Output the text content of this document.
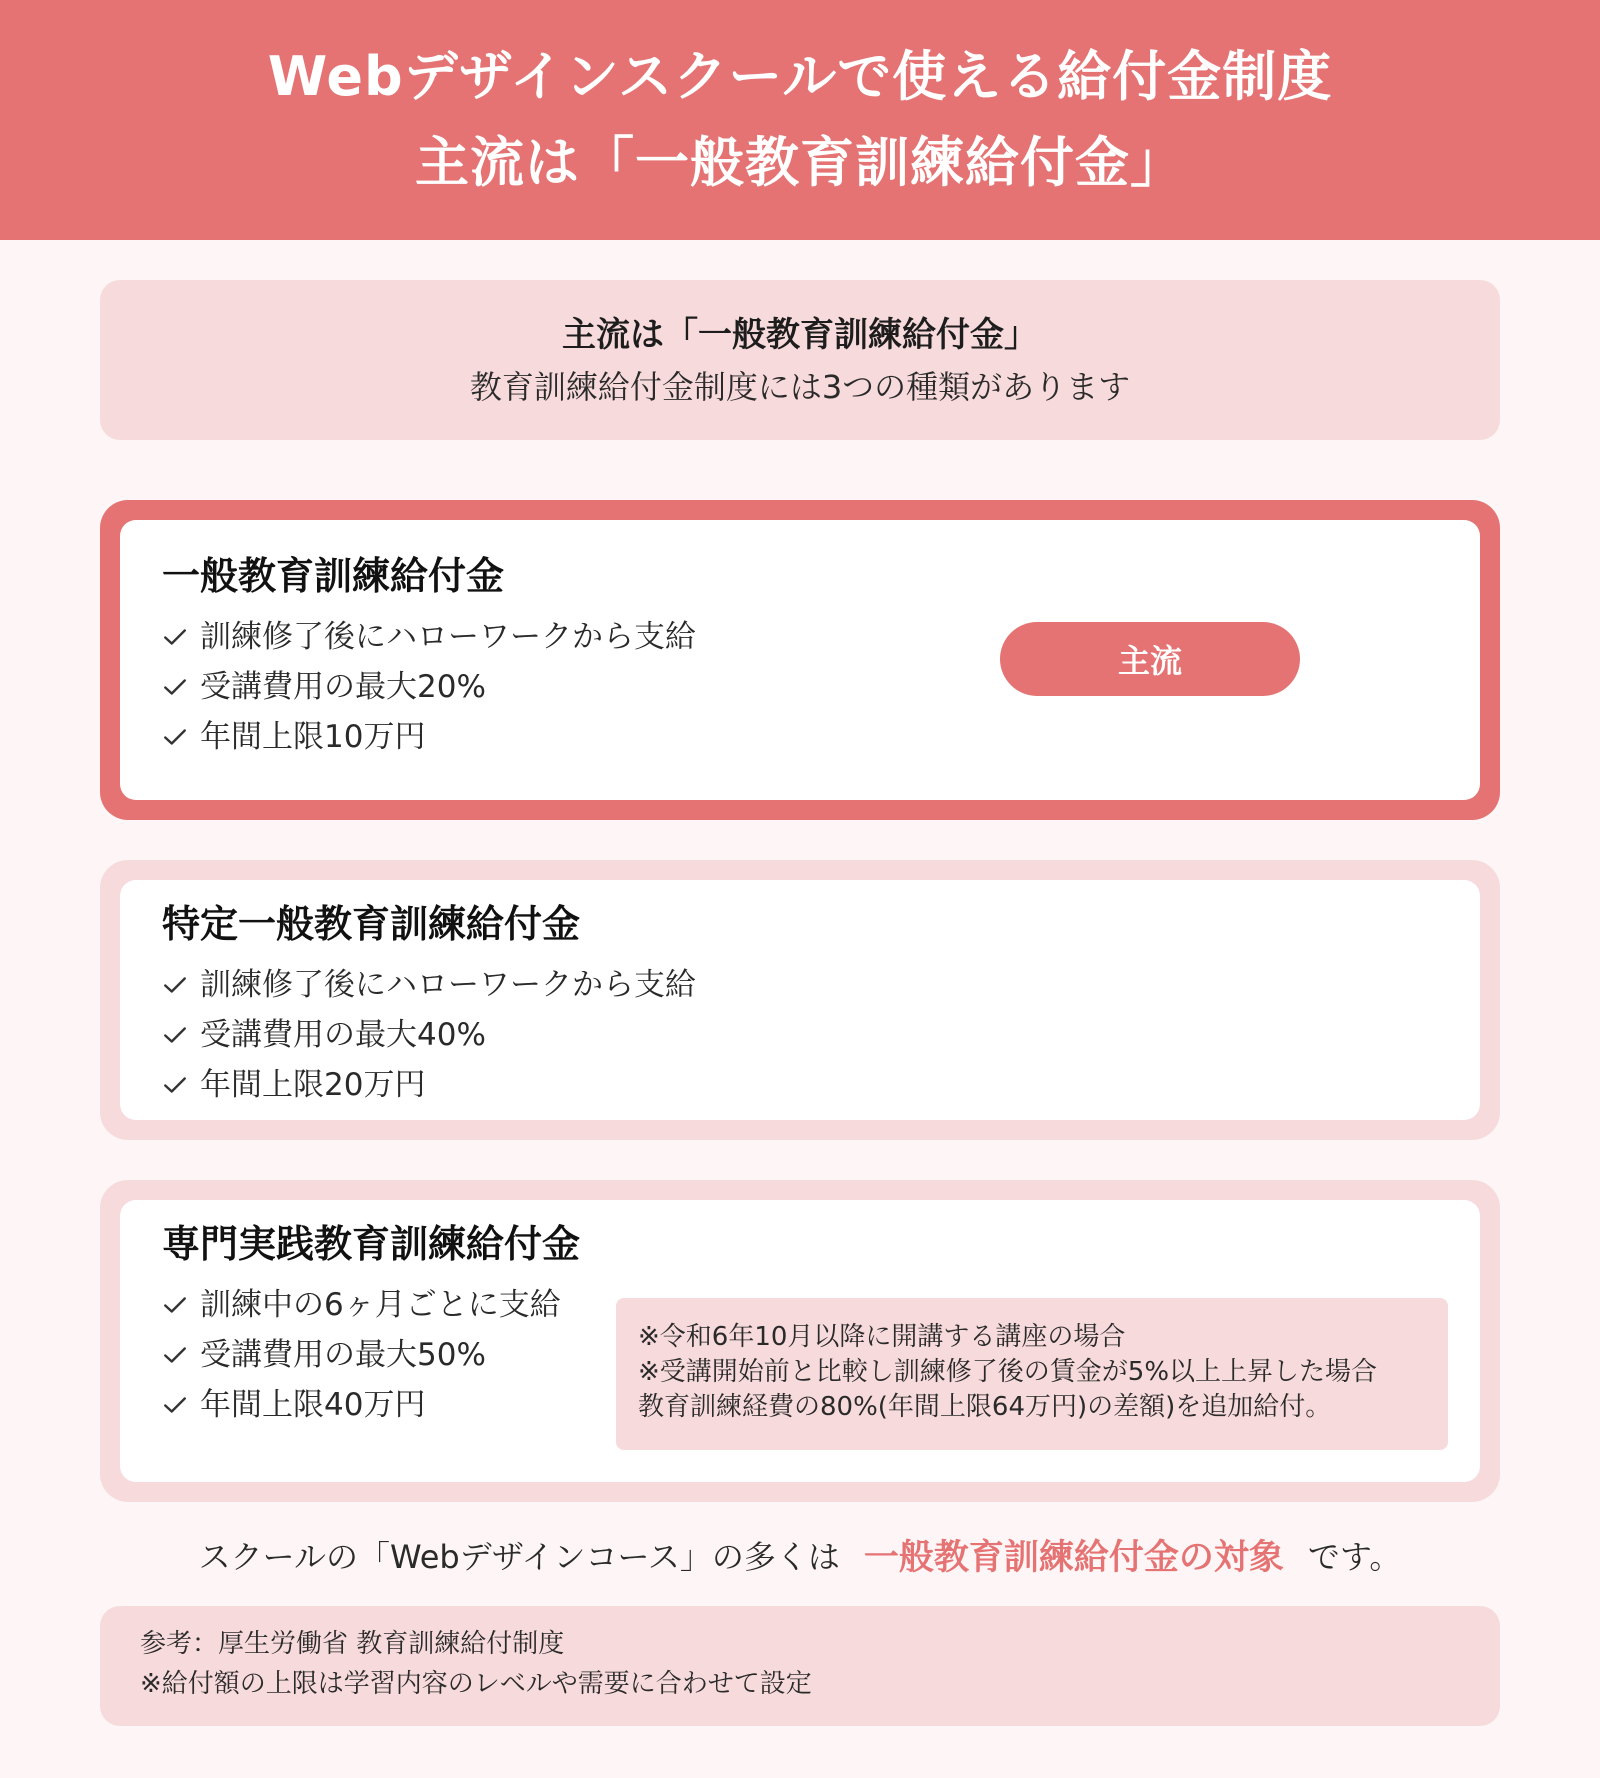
Webデザインスクールで使える給付金制度
主流は「一般教育訓練給付金」
主流は「一般教育訓練給付金」
教育訓練給付金制度には3つの種類があります
一般教育訓練給付金
訓練修了後にハローワークから支給
受講費用の最大20%
年間上限10万円
主流
特定一般教育訓練給付金
訓練修了後にハローワークから支給
受講費用の最大40%
年間上限20万円
専門実践教育訓練給付金
訓練中の6ヶ月ごとに支給
受講費用の最大50%
年間上限40万円
※令和6年10月以降に開講する講座の場合
※受講開始前と比較し訓練修了後の賃金が5%以上上昇した場合
教育訓練経費の80%(年間上限64万円)の差額)を追加給付。
スクールの「Webデザインコース」の多くは 一般教育訓練給付金の対象 です。
参考：厚生労働省 教育訓練給付制度
※給付額の上限は学習内容のレベルや需要に合わせて設定
